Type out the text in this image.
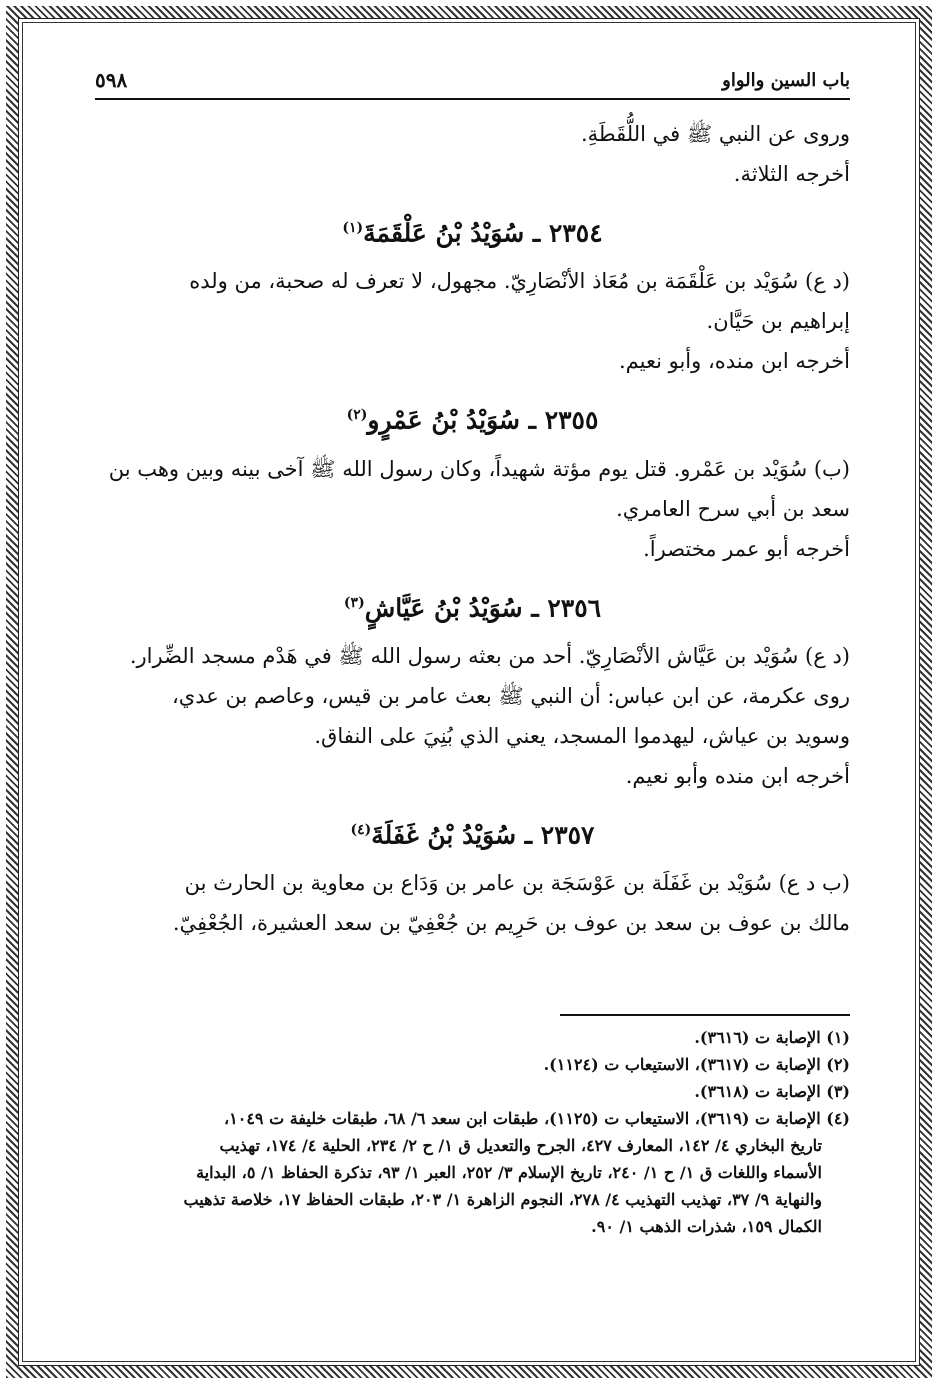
باب السين والواو
٥٩٨

وروى عن النبي ﷺ في اللُّقَطَةِ.

أخرجه الثلاثة.

٢٣٥٤ ـ سُوَيْدُ بْنُ عَلْقَمَةَ$^{(١)}$

(د ع) سُوَيْد بن عَلْقَمَة بن مُعَاذ الأنْصَارِيّ. مجهول، لا تعرف له صحبة، من ولده

إبراهيم بن حَيَّان.

أخرجه ابن منده، وأبو نعيم.

٢٣٥٥ ـ سُوَيْدُ بْنُ عَمْرٍو$^{(٢)}$

(ب) سُوَيْد بن عَمْرو. قتل يوم مؤتة شهيداً، وكان رسول الله ﷺ آخى بينه وبين وهب بن

سعد بن أبي سرح العامري.

أخرجه أبو عمر مختصراً.

٢٣٥٦ ـ سُوَيْدُ بْنُ عَيَّاشٍ$^{(٣)}$

(د ع) سُوَيْد بن عَيَّاش الأنْصَارِيّ. أحد من بعثه رسول الله ﷺ في هَدْم مسجد الضِّرار.

روى عكرمة، عن ابن عباس: أن النبي ﷺ بعث عامر بن قيس، وعاصم بن عدي،

وسويد بن عياش، ليهدموا المسجد، يعني الذي بُنِيَ على النفاق.

أخرجه ابن منده وأبو نعيم.

٢٣٥٧ ـ سُوَيْدُ بْنُ غَفَلَةَ$^{(٤)}$

(ب د ع) سُوَيْد بن غَفَلَة بن عَوْسَجَة بن عامر بن وَدَاع بن معاوية بن الحارث بن

مالك بن عوف بن سعد بن عوف بن حَرِيم بن جُعْفِيّ بن سعد العشيرة، الجُعْفِيّ.

(١) الإصابة ت (٣٦١٦).

(٢) الإصابة ت (٣٦١٧)، الاستيعاب ت (١١٢٤).

(٣) الإصابة ت (٣٦١٨).

(٤) الإصابة ت (٣٦١٩)، الاستيعاب ت (١١٢٥)، طبقات ابن سعد ٦/ ٦٨، طبقات خليفة ت ١٠٤٩،

تاريخ البخاري ٤/ ١٤٢، المعارف ٤٢٧، الجرح والتعديل ق ١/ ح ٢/ ٢٣٤، الحلية ٤/ ١٧٤، تهذيب

الأسماء واللغات ق ١/ ح ١/ ٢٤٠، تاريخ الإسلام ٣/ ٢٥٢، العبر ١/ ٩٣، تذكرة الحفاظ ١/ ٥، البداية

والنهاية ٩/ ٣٧، تهذيب التهذيب ٤/ ٢٧٨، النجوم الزاهرة ١/ ٢٠٣، طبقات الحفاظ ١٧، خلاصة تذهيب

الكمال ١٥٩، شذرات الذهب ١/ ٩٠.
